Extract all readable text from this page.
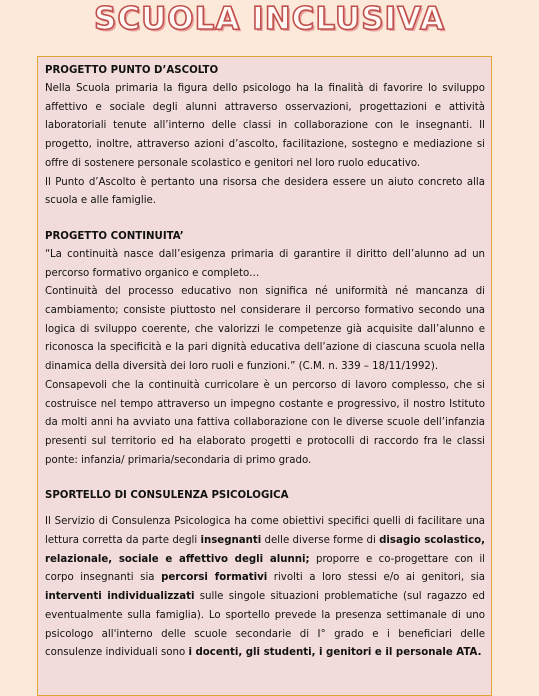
SCUOLA INCLUSIVA
PROGETTO PUNTO D’ASCOLTO

Nella Scuola primaria la figura dello psicologo ha la finalità di favorire lo sviluppo affettivo e sociale degli alunni attraverso osservazioni, progettazioni e attività laboratoriali tenute all’interno delle classi in collaborazione con le insegnanti. Il progetto, inoltre, attraverso azioni d’ascolto, facilitazione, sostegno e mediazione si offre di sostenere personale scolastico e genitori nel loro ruolo educativo.

Il Punto d’Ascolto è pertanto una risorsa che desidera essere un aiuto concreto alla scuola e alle famiglie.

PROGETTO CONTINUITA’

“La continuità nasce dall’esigenza primaria di garantire il diritto dell’alunno ad un percorso formativo organico e completo…

Continuità del processo educativo non significa né uniformità né mancanza di cambiamento; consiste piuttosto nel considerare il percorso formativo secondo una logica di sviluppo coerente, che valorizzi le competenze già acquisite dall’alunno e riconosca la specificità e la pari dignità educativa dell’azione di ciascuna scuola nella dinamica della diversità dei loro ruoli e funzioni.” (C.M. n. 339 – 18/11/1992).

Consapevoli che la continuità curricolare è un percorso di lavoro complesso, che si costruisce nel tempo attraverso un impegno costante e progressivo, il nostro Istituto da molti anni ha avviato una fattiva collaborazione con le diverse scuole dell’infanzia presenti sul territorio ed ha elaborato progetti e protocolli di raccordo fra le classi ponte: infanzia/ primaria/secondaria di primo grado.

SPORTELLO DI CONSULENZA PSICOLOGICA

Il Servizio di Consulenza Psicologica ha come obiettivi specifici quelli di facilitare una lettura corretta da parte degli insegnanti delle diverse forme di disagio scolastico, relazionale, sociale e affettivo degli alunni; proporre e co-progettare con il corpo insegnanti sia percorsi formativi rivolti a loro stessi e/o ai genitori, sia interventi individualizzati sulle singole situazioni problematiche (sul ragazzo ed eventualmente sulla famiglia). Lo sportello prevede la presenza settimanale di uno psicologo all'interno delle scuole secondarie di I° grado e i beneficiari delle consulenze individuali sono i docenti, gli studenti, i genitori e il personale ATA.
